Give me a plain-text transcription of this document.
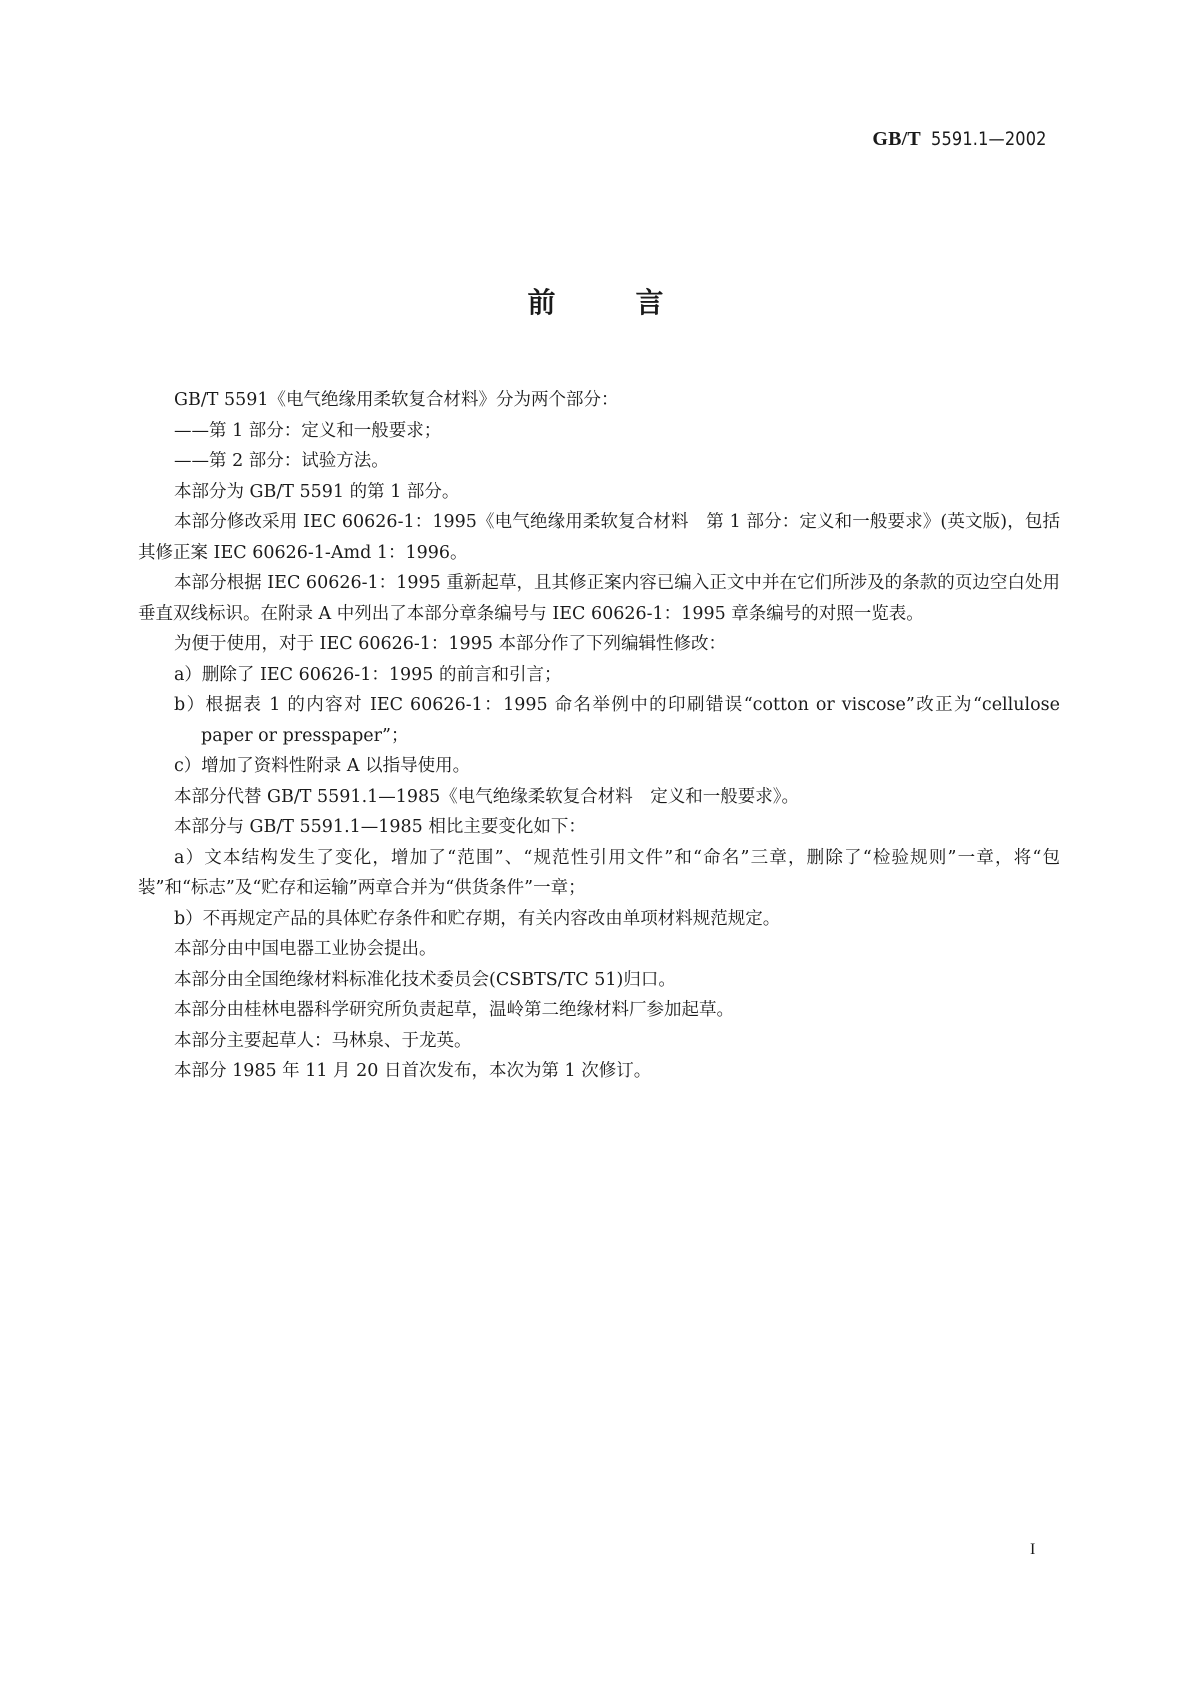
GB/T 5591.1—2002
前	言

GB/T 5591《电气绝缘用柔软复合材料》分为两个部分：

——第 1 部分：定义和一般要求；

——第 2 部分：试验方法。

本部分为 GB/T 5591 的第 1 部分。

本部分修改采用 IEC 60626-1：1995《电气绝缘用柔软复合材料　第 1 部分：定义和一般要求》(英文版)，包括其修正案 IEC 60626-1-Amd 1：1996。

本部分根据 IEC 60626-1：1995 重新起草，且其修正案内容已编入正文中并在它们所涉及的条款的页边空白处用垂直双线标识。在附录 A 中列出了本部分章条编号与 IEC 60626-1：1995 章条编号的对照一览表。

为便于使用，对于 IEC 60626-1：1995 本部分作了下列编辑性修改：

a）删除了 IEC 60626-1：1995 的前言和引言；

b）根据表 1 的内容对 IEC 60626-1：1995 命名举例中的印刷错误“cotton or viscose”改正为“cellulose paper or presspaper”；

c）增加了资料性附录 A 以指导使用。

本部分代替 GB/T 5591.1—1985《电气绝缘柔软复合材料　定义和一般要求》。

本部分与 GB/T 5591.1—1985 相比主要变化如下：

a）文本结构发生了变化，增加了“范围”、“规范性引用文件”和“命名”三章，删除了“检验规则”一章，将“包装”和“标志”及“贮存和运输”两章合并为“供货条件”一章；

b）不再规定产品的具体贮存条件和贮存期，有关内容改由单项材料规范规定。

本部分由中国电器工业协会提出。

本部分由全国绝缘材料标准化技术委员会(CSBTS/TC 51)归口。

本部分由桂林电器科学研究所负责起草，温岭第二绝缘材料厂参加起草。

本部分主要起草人：马林泉、于龙英。

本部分 1985 年 11 月 20 日首次发布，本次为第 1 次修订。

I
